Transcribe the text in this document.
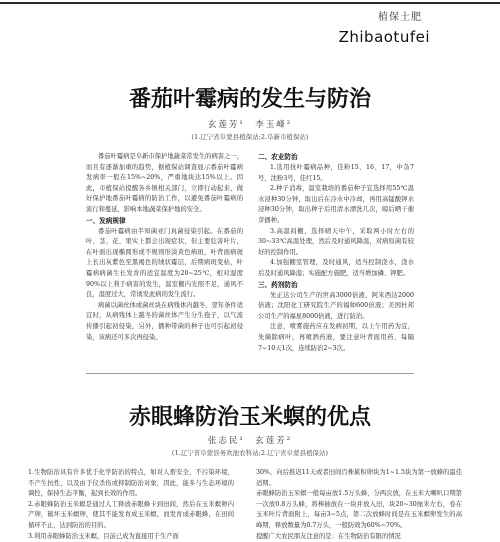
植保土肥
Zhibaotufei
番茄叶霉病的发生与防治
玄莲芳¹　李玉峰²
(1.辽宁省阜蒙县植保站;2.阜新市植保站)

番茄叶霉病是阜新市保护地蔬菜常发生的病害之一，而且有逐渐加重的趋势，据植保站调查显示番茄叶霉病发病率一般在15%~20%，严重地块达15%以上。因此，市植保站提醒各乡镇相关部门，立即行动起来，做好保护地番茄叶霉病的防治工作，以避免番茄叶霉病的流行和蔓延，影响本地蔬菜保护地的安全。

一、发病规律

番茄叶霉病由半知菌亚门真菌侵染引起。在番茄的叶、茎、花、果实上都会出现症状，但主要危害叶片，在叶面出现椭圆形或不规则形淡黄色病斑，叶背面病斑上长出灰紫色至黑褐色的绒状霉层，后期病斑变枯，叶霉病病菌生长发育的适宜温度为20~25℃，相对湿度90%以上利于病害的发生，温室棚内光照不足，通风不良，湿度过大，常诱发此病的发生流行。

病菌以菌丝体或菌丝块在病残体内越冬，翌年条件适宜时，从病残体上越冬的菌丝体产生分生孢子，以气流传播引起初侵染，另外，播种带菌的种子也可引起初侵染，该病还可多次再侵染。

二、农业防治

1.选用抗叶霉病品种，佳粉15、16、17，中杂7号，沈粉3号，佳红15。

2.种子消毒，温室栽培的番茄种子宜选择用55℃温水浸种30分钟，取出后在冷水中冷却，再用高锰酸钾水浸种30分钟，取出种子后用清水漂洗几次，晾后晒干催芽播种。

3.高温闷棚，选择晴天中午，采取两小时左右的30~33℃高温处理，然后及时通风降温，对病原菌有较好的控制作用。

4.加强棚室管理，及时通风，适当控制浇水，浇水后及时通风降湿；实施配方施肥，适当增加磷、钾肥。

三、药剂防治

先正达公司生产的世高3000倍液、阿米西达2000倍液；沈阳化工研究院生产的福帅600倍液；美国杜邦公司生产的福星8000倍液，进行防治。

注意，喷雾施药应在发病初期，以上午用药为宜，先摘除病叶，再喷洒药液，要注意叶背面用药，每隔7~10天1次，连续防治2~3次。

赤眼蜂防治玉米螟的优点
张志民¹　玄莲芳²
(1.辽宁省阜蒙县务欢池农科站;2.辽宁省阜蒙县植保站)

1.生物防治具有许多优于化学防治的特点，如对人畜安全，不污染环境，不产生抗性，以及由于仪杀伤或抑制防治对象，因此，能多与生态环境的调控，保持生态平衡，起到长效的作用。

2.赤眼蜂防治玉米螟是通过人工释放赤眼蜂卡到田间，然后在玉米螟卵内产卵，破坏玉米螟卵，使其不能发育成玉米螟，而发育成赤眼蜂，在田间循环不止，达到防治的目的。

3.利用赤眼蜂防治玉米螟，目前已成为直接用于生产面

30%，向后推迟11天或者田间百株累积卵块为1~1.5块为第一放蜂的最佳适期。

赤眼蜂防治玉米螟一般每亩放1.5万头蜂，分两次放，在玉米大喇叭口期第一次放0.8万头蜂，将棒插放在一块并放入田，块20~30厘米左右，卷在玉米叶片背面附上，每亩3~5点，第二次放蜂时间是在玉米螟卵发生的高峰期，释放数量为0.7万头，一般防效为60%~70%。

提醒广大农民朋友注意的是：在生物防治有限的情况
